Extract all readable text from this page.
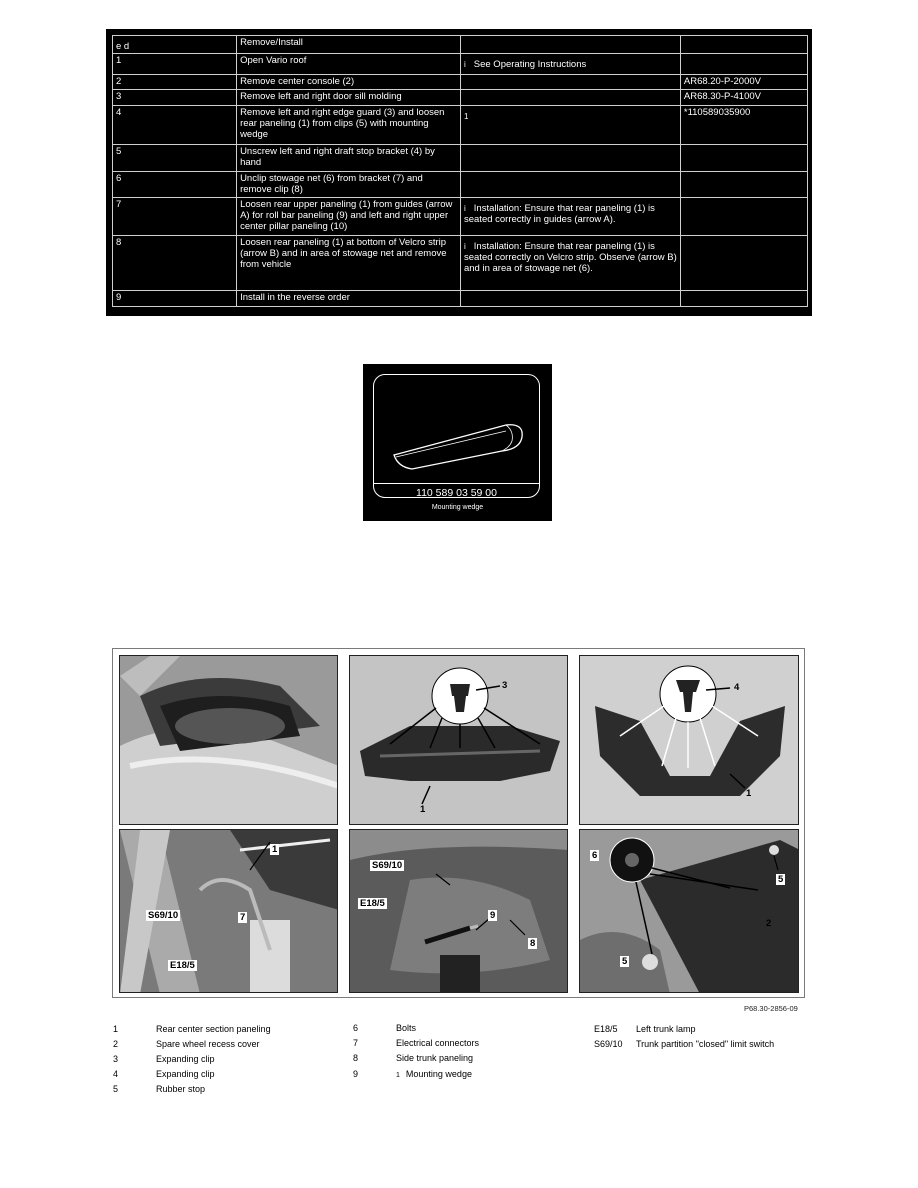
e d	Remove/Install		
1	Open Vario roof	i See Operating Instructions	
2	Remove center console (2)		AR68.20-P-2000V
3	Remove left and right door sill molding		AR68.30-P-4100V
4	Remove left and right edge guard (3) and loosen rear paneling (1) from clips (5) with mounting wedge	1	*110589035900
5	Unscrew left and right draft stop bracket (4) by hand		
6	Unclip stowage net (6) from bracket (7) and remove clip (8)		
7	Loosen rear upper paneling (1) from guides (arrow A) for roll bar paneling (9) and left and right upper center pillar paneling (10)	i Installation: Ensure that rear paneling (1) is seated correctly in guides (arrow A).	
8	Loosen rear paneling (1) at bottom of Velcro strip (arrow B) and in area of stowage net and remove from vehicle	i Installation: Ensure that rear paneling (1) is seated correctly on Velcro strip. Observe (arrow B) and in area of stowage net (6).	
9	Install in the reverse order		
110 589 03 59 00
Mounting wedge
3
1
4
1
1
S69/10	7
E18/5
S69/10
E18/5
9
8
6
5
2
5
P68.30-2856-09
1	Rear center section paneling
2	Spare wheel recess cover
3	Expanding clip
4	Expanding clip
5	Rubber stop
6	Bolts
7	Electrical connectors
8	Side trunk paneling
9	1 Mounting wedge
E18/5 Left trunk lamp
S69/10 Trunk partition "closed" limit switch
